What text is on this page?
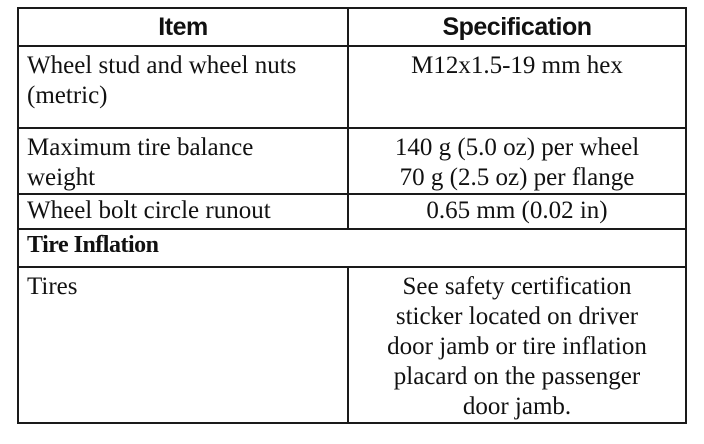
Item	Specification

Wheel stud and wheel nuts
(metric)	M12x1.5-19 mm hex

Maximum tire balance
weight	140 g (5.0 oz) per wheel
70 g (2.5 oz) per flange

Wheel bolt circle runout	0.65 mm (0.02 in)

Tire Inflation	

Tires	See safety certification
sticker located on driver
door jamb or tire inflation
placard on the passenger
door jamb.
